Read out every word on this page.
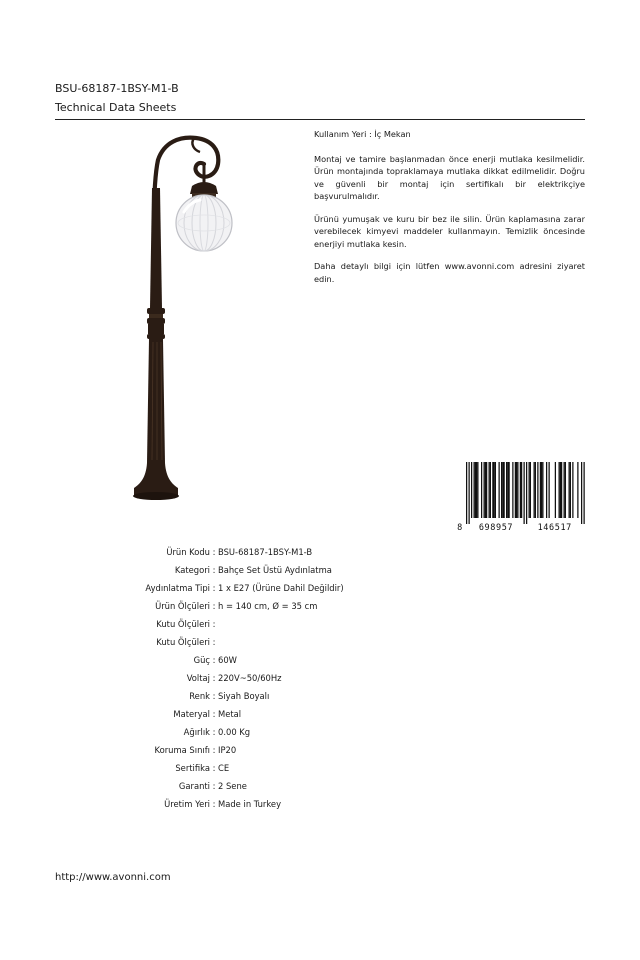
BSU-68187-1BSY-M1-B

Technical Data Sheets

Kullanım Yeri : İç Mekan

Montaj ve tamire başlanmadan önce enerji mutlaka kesilmelidir. Ürün montajında topraklamaya mutlaka dikkat edilmelidir. Doğru ve güvenli bir montaj için sertifikalı bir elektrikçiye başvurulmalıdır.

Ürünü yumuşak ve kuru bir bez ile silin. Ürün kaplamasına zarar verebilecek kimyevi maddeler kullanmayın. Temizlik öncesinde enerjiyi mutlaka kesin.

Daha detaylı bilgi için lütfen www.avonni.com adresini ziyaret edin.

8 698957	146517
Ürün Kodu : BSU-68187-1BSY-M1-B
Kategori : Bahçe Set Üstü Aydınlatma
Aydınlatma Tipi : 1 x E27 (Ürüne Dahil Değildir)
Ürün Ölçüleri : h = 140 cm, Ø = 35 cm
Kutu Ölçüleri :
Kutu Ölçüleri :
Güç : 60W
Voltaj : 220V~50/60Hz
Renk : Siyah Boyalı
Materyal : Metal
Ağırlık : 0.00 Kg
Koruma Sınıfı : IP20
Sertifika : CE
Garanti : 2 Sene
Üretim Yeri : Made in Turkey
http://www.avonni.com
